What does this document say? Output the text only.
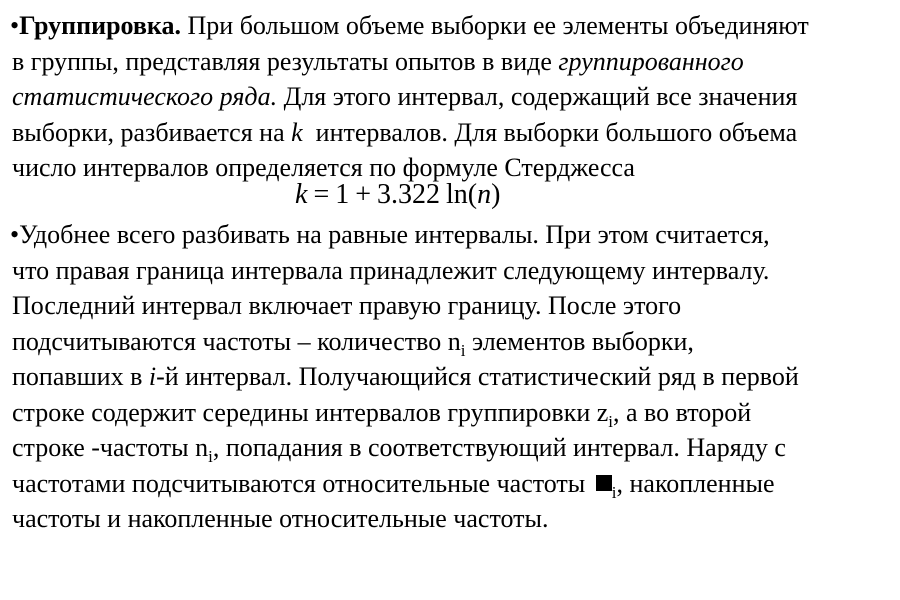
•Группировка. При большом объеме выборки ее элементы объединяют
в группы, представляя результаты опытов в виде группированного
статистического ряда. Для этого интервал, содержащий все значения
выборки, разбивается на k  интервалов. Для выборки большого объема
число интервалов определяется по формуле Стерджесса
k = 1 + 3.322 ln(n)
•Удобнее всего разбивать на равные интервалы. При этом считается,
что правая граница интервала принадлежит следующему интервалу.
Последний интервал включает правую границу. После этого
подсчитываются частоты – количество $n_i$ элементов выборки,
попавших в i-й интервал. Получающийся статистический ряд в первой
строке содержит середины интервалов группировки $z_i$, а во второй
строке -частоты $n_i$, попадания в соответствующий интервал. Наряду с
частотами подсчитываются относительные частоты $_i$, накопленные
частоты и накопленные относительные частоты.
